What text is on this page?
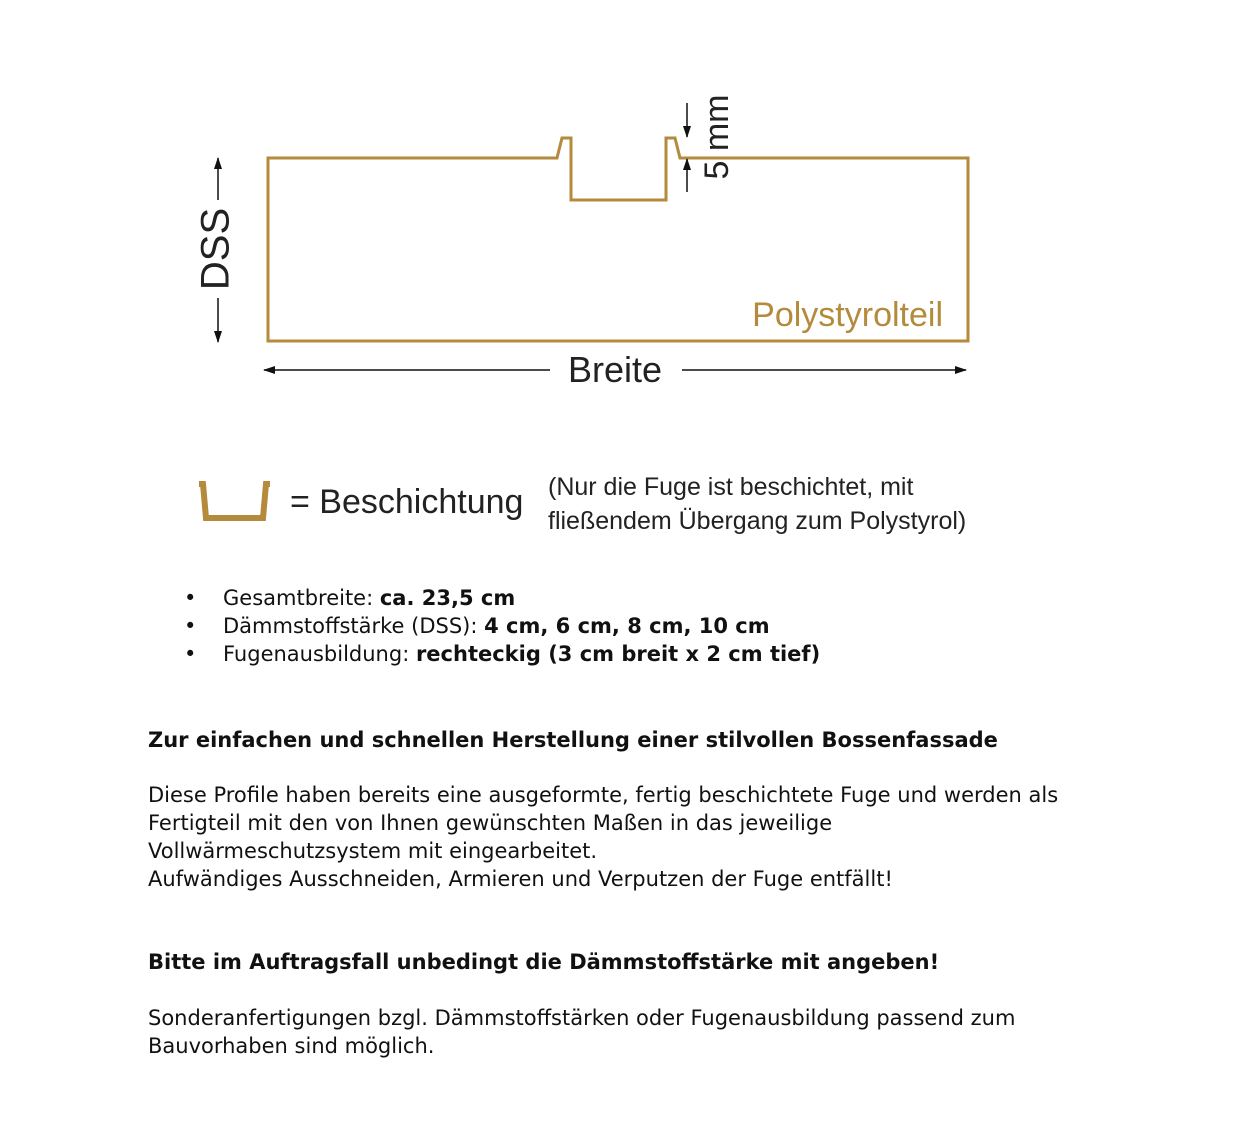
DSS
5 mm
Polystyrolteil
Breite
= Beschichtung (Nur die Fuge ist beschichtet, mit
fließendem Übergang zum Polystyrol)
• Gesamtbreite: ca. 23,5 cm
• Dämmstoffstärke (DSS): 4 cm, 6 cm, 8 cm, 10 cm
• Fugenausbildung: rechteckig (3 cm breit x 2 cm tief)
Zur einfachen und schnellen Herstellung einer stilvollen Bossenfassade
Diese Profile haben bereits eine ausgeformte, fertig beschichtete Fuge und werden als
Fertigteil mit den von Ihnen gewünschten Maßen in das jeweilige
Vollwärmeschutzsystem mit eingearbeitet.
Aufwändiges Ausschneiden, Armieren und Verputzen der Fuge entfällt!
Bitte im Auftragsfall unbedingt die Dämmstoffstärke mit angeben!
Sonderanfertigungen bzgl. Dämmstoffstärken oder Fugenausbildung passend zum
Bauvorhaben sind möglich.
